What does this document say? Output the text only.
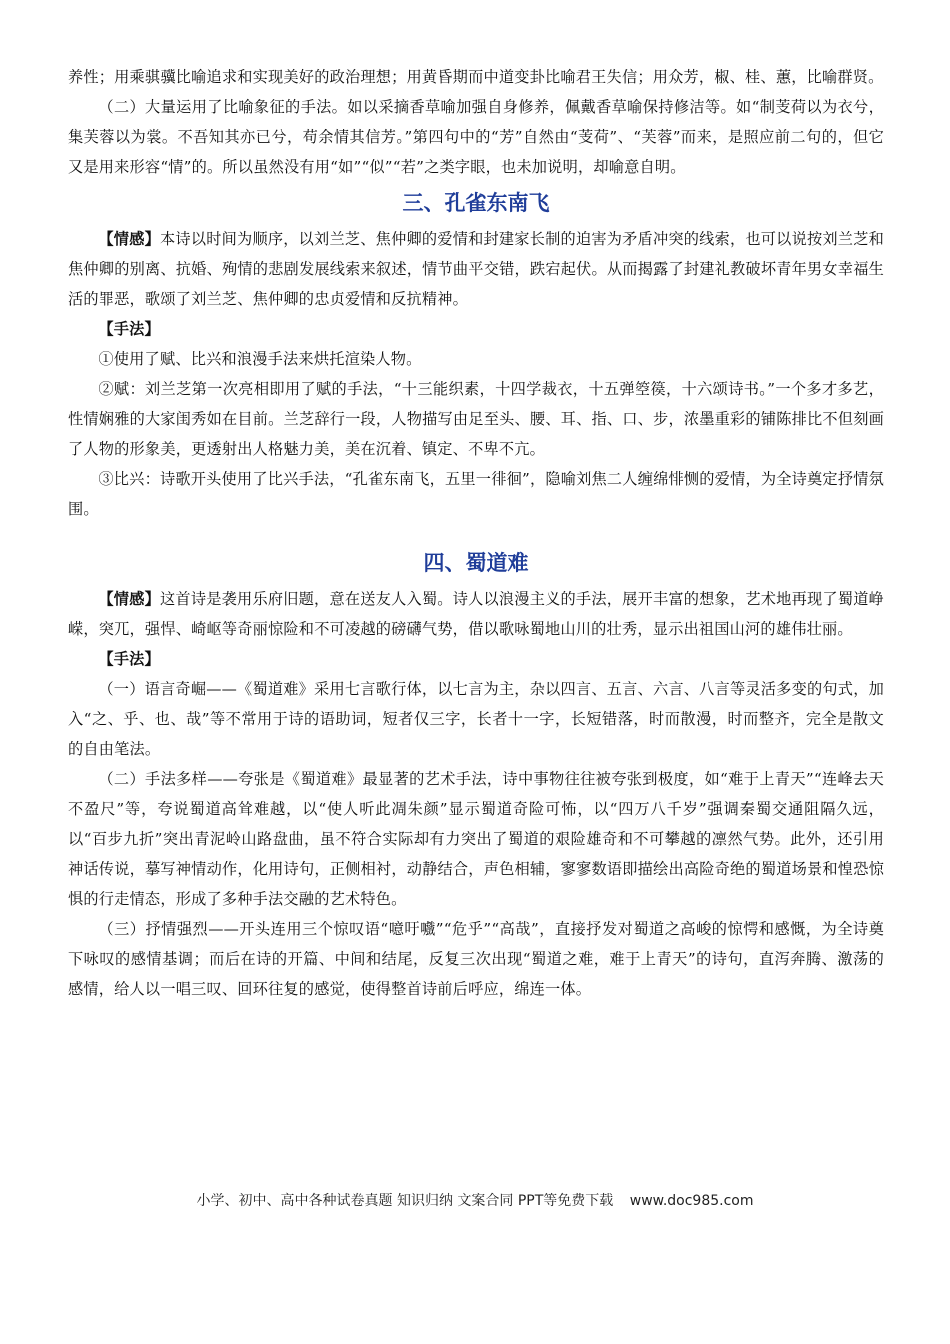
养性；用乘骐骥比喻追求和实现美好的政治理想；用黄昏期而中道变卦比喻君王失信；用众芳，椒、桂、蕙，比喻群贤。

（二）大量运用了比喻象征的手法。如以采摘香草喻加强自身修养，佩戴香草喻保持修洁等。如“制芰荷以为衣兮，集芙蓉以为裳。不吾知其亦已兮，苟余情其信芳。”第四句中的“芳”自然由“芰荷”、“芙蓉”而来，是照应前二句的，但它又是用来形容“情”的。所以虽然没有用“如”“似”“若”之类字眼，也未加说明，却喻意自明。

三、孔雀东南飞

【情感】本诗以时间为顺序，以刘兰芝、焦仲卿的爱情和封建家长制的迫害为矛盾冲突的线索，也可以说按刘兰芝和焦仲卿的别离、抗婚、殉情的悲剧发展线索来叙述，情节曲平交错，跌宕起伏。从而揭露了封建礼教破坏青年男女幸福生活的罪恶，歌颂了刘兰芝、焦仲卿的忠贞爱情和反抗精神。

【手法】

①使用了赋、比兴和浪漫手法来烘托渲染人物。

②赋：刘兰芝第一次亮相即用了赋的手法，“十三能织素，十四学裁衣，十五弹箜篌，十六颂诗书。”一个多才多艺，性情娴雅的大家闺秀如在目前。兰芝辞行一段，人物描写由足至头、腰、耳、指、口、步，浓墨重彩的铺陈排比不但刻画了人物的形象美，更透射出人格魅力美，美在沉着、镇定、不卑不亢。

③比兴：诗歌开头使用了比兴手法，“孔雀东南飞，五里一徘徊”，隐喻刘焦二人缠绵悱恻的爱情，为全诗奠定抒情氛围。

四、蜀道难

【情感】这首诗是袭用乐府旧题，意在送友人入蜀。诗人以浪漫主义的手法，展开丰富的想象，艺术地再现了蜀道峥嵘，突兀，强悍、崎岖等奇丽惊险和不可凌越的磅礴气势，借以歌咏蜀地山川的壮秀，显示出祖国山河的雄伟壮丽。

【手法】

（一）语言奇崛——《蜀道难》采用七言歌行体，以七言为主，杂以四言、五言、六言、八言等灵活多变的句式，加入“之、乎、也、哉”等不常用于诗的语助词，短者仅三字，长者十一字，长短错落，时而散漫，时而整齐，完全是散文的自由笔法。

（二）手法多样——夸张是《蜀道难》最显著的艺术手法，诗中事物往往被夸张到极度，如“难于上青天”“连峰去天不盈尺”等，夸说蜀道高耸难越，以“使人听此凋朱颜”显示蜀道奇险可怖，以“四万八千岁”强调秦蜀交通阻隔久远，以“百步九折”突出青泥岭山路盘曲，虽不符合实际却有力突出了蜀道的艰险雄奇和不可攀越的凛然气势。此外，还引用神话传说，摹写神情动作，化用诗句，正侧相衬，动静结合，声色相辅，寥寥数语即描绘出高险奇绝的蜀道场景和惶恐惊惧的行走情态，形成了多种手法交融的艺术特色。

（三）抒情强烈——开头连用三个惊叹语“噫吁嚱”“危乎”“高哉”，直接抒发对蜀道之高峻的惊愕和感慨，为全诗奠下咏叹的感情基调；而后在诗的开篇、中间和结尾，反复三次出现“蜀道之难，难于上青天”的诗句，直泻奔腾、激荡的感情，给人以一唱三叹、回环往复的感觉，使得整首诗前后呼应，绵连一体。

小学、初中、高中各种试卷真题 知识归纳 文案合同 PPT等免费下载 www.doc985.com
